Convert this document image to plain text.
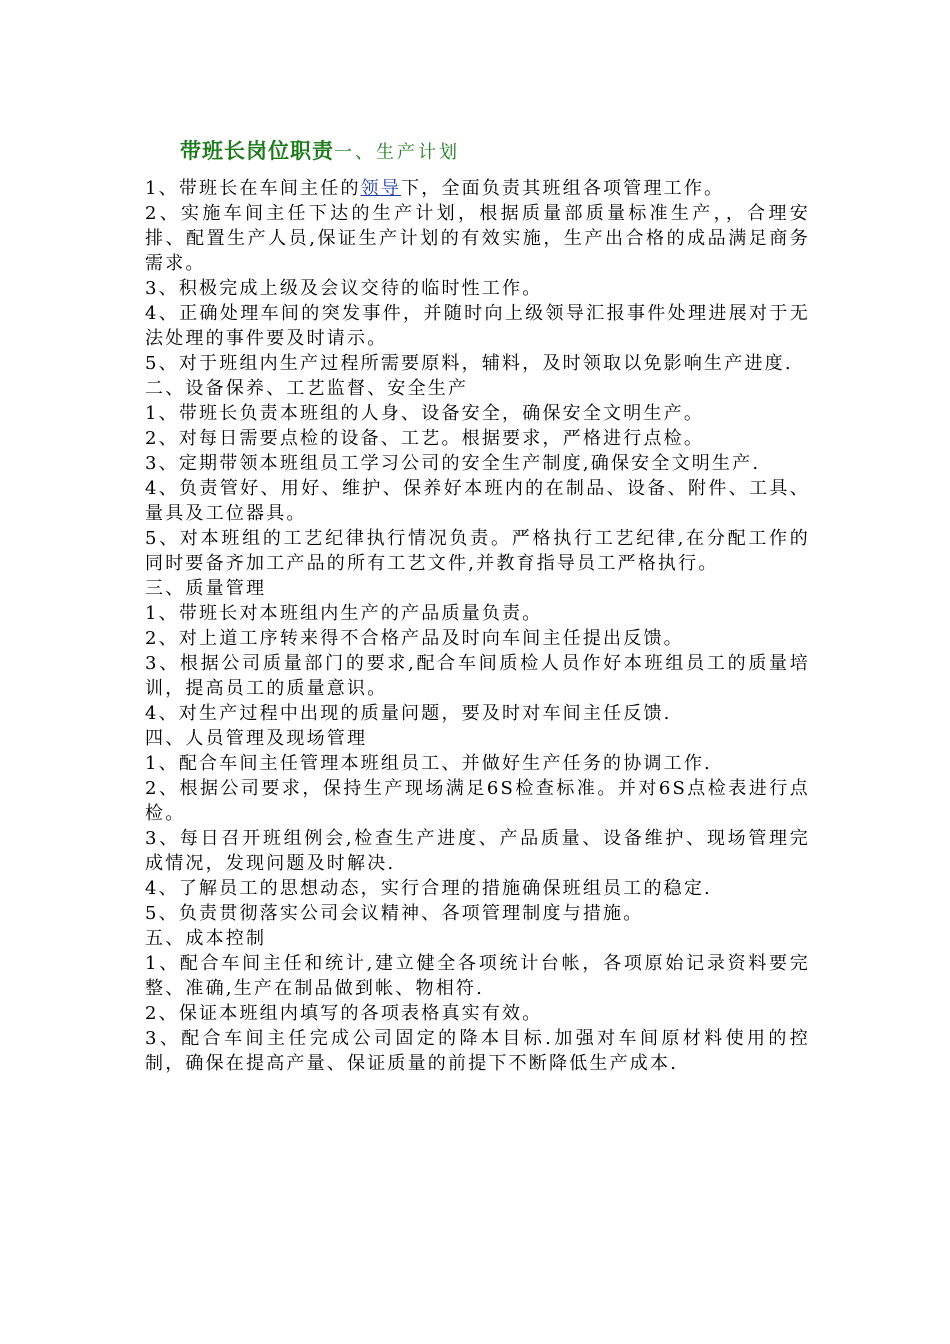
带班长岗位职责一、生产计划

1、带班长在车间主任的领导下，全面负责其班组各项管理工作。

2、实施车间主任下达的生产计划，根据质量部质量标准生产，，合理安排、配置生产人员,保证生产计划的有效实施，生产出合格的成品满足商务需求。

3、积极完成上级及会议交待的临时性工作。

4、正确处理车间的突发事件，并随时向上级领导汇报事件处理进展对于无法处理的事件要及时请示。

5、对于班组内生产过程所需要原料，辅料，及时领取以免影响生产进度.

二、设备保养、工艺监督、安全生产

1、带班长负责本班组的人身、设备安全，确保安全文明生产。

2、对每日需要点检的设备、工艺。根据要求，严格进行点检。

3、定期带领本班组员工学习公司的安全生产制度,确保安全文明生产.

4、负责管好、用好、维护、保养好本班内的在制品、设备、附件、工具、量具及工位器具。

5、对本班组的工艺纪律执行情况负责。严格执行工艺纪律,在分配工作的同时要备齐加工产品的所有工艺文件,并教育指导员工严格执行。

三、质量管理

1、带班长对本班组内生产的产品质量负责。

2、对上道工序转来得不合格产品及时向车间主任提出反馈。

3、根据公司质量部门的要求,配合车间质检人员作好本班组员工的质量培训，提高员工的质量意识。

4、对生产过程中出现的质量问题，要及时对车间主任反馈.

四、人员管理及现场管理

1、配合车间主任管理本班组员工、并做好生产任务的协调工作.

2、根据公司要求，保持生产现场满足6S检查标准。并对6S点检表进行点检。

3、每日召开班组例会,检查生产进度、产品质量、设备维护、现场管理完成情况，发现问题及时解决.

4、了解员工的思想动态，实行合理的措施确保班组员工的稳定.

5、负责贯彻落实公司会议精神、各项管理制度与措施。

五、成本控制

1、配合车间主任和统计,建立健全各项统计台帐，各项原始记录资料要完整、准确,生产在制品做到帐、物相符.

2、保证本班组内填写的各项表格真实有效。

3、配合车间主任完成公司固定的降本目标.加强对车间原材料使用的控制，确保在提高产量、保证质量的前提下不断降低生产成本.
